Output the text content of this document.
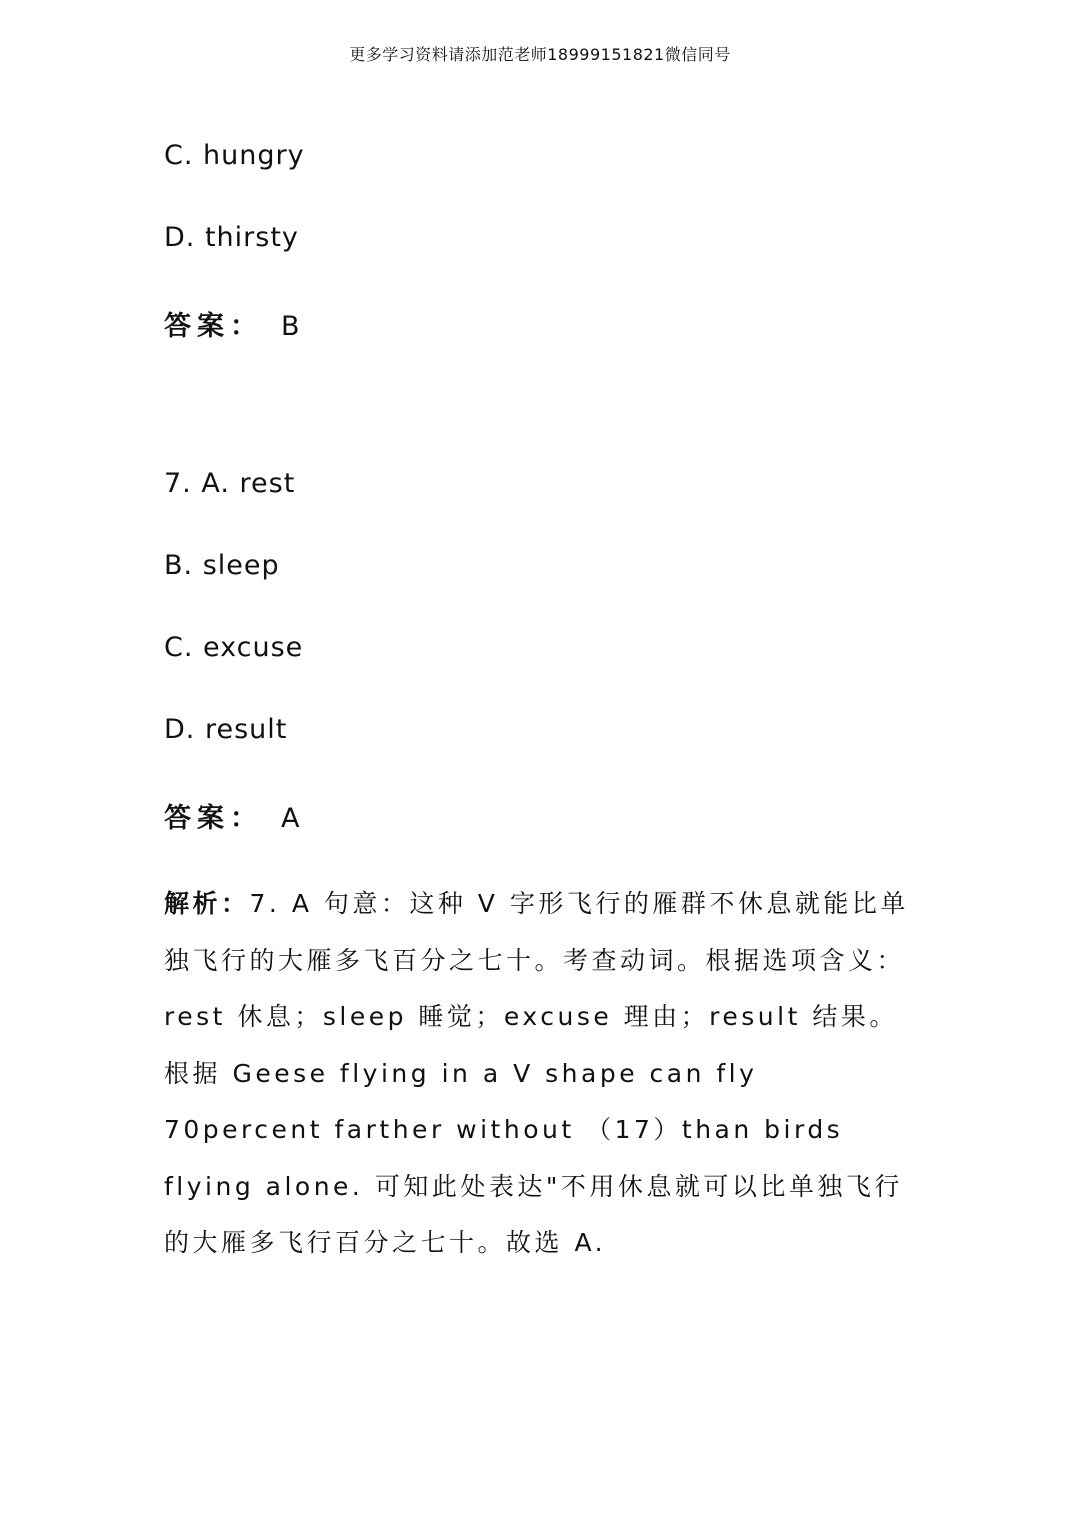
更多学习资料请添加范老师18999151821微信同号
C. hungry
D. thirsty
答案： B
7. A. rest
B. sleep
C. excuse
D. result
答案： A
解析：7. A 句意：这种 V 字形飞行的雁群不休息就能比单独飞行的大雁多飞百分之七十。考查动词。根据选项含义：rest 休息；sleep 睡觉；excuse 理由；result 结果。根据 Geese flying in a V shape can fly 70percent farther without （17）than birds flying alone. 可知此处表达"不用休息就可以比单独飞行的大雁多飞行百分之七十。故选 A.
